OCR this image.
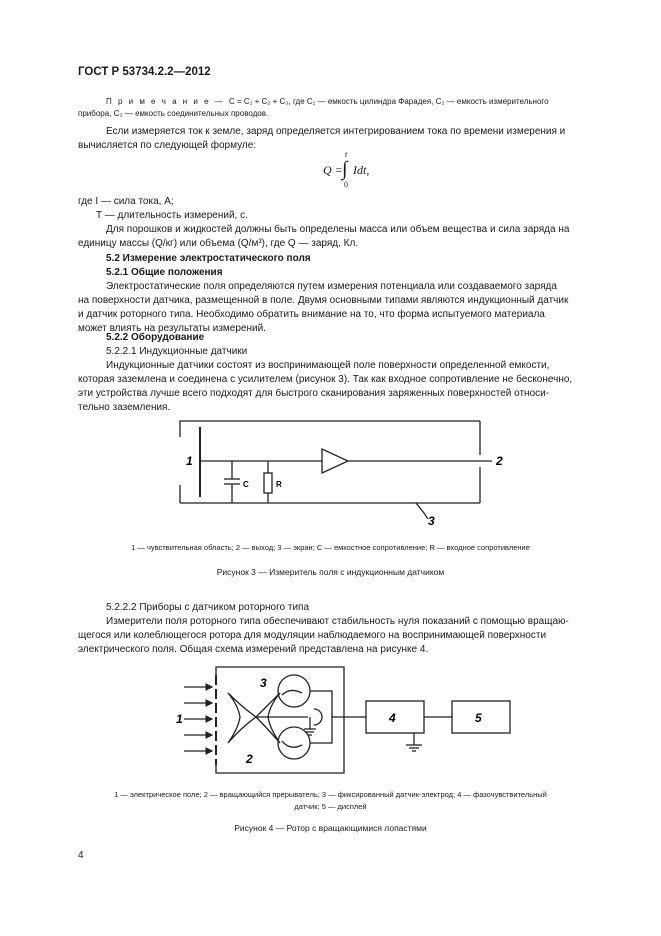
ГОСТ Р 53734.2.2—2012
П р и м е ч а н и е — C = C₁ + C₂ + C₃, где C₁ — емкость цилиндра Фарадея, C₂ — емкость измерительного
прибора, C₃ — емкость соединительных проводов.
Если измеряется ток к земле, заряд определяется интегрированием тока по времени измерения и
вычисляется по следующей формуле:
Q = ∫
t
0
Idt,
где I — сила тока, А;
T — длительность измерений, с.
Для порошков и жидкостей должны быть определены масса или объем вещества и сила заряда на
единицу массы (Q/кг) или объема (Q/м³), где Q — заряд, Кл.
5.2 Измерение электростатического поля
5.2.1 Общие положения
Электростатические поля определяются путем измерения потенциала или создаваемого заряда
на поверхности датчика, размещенной в поле. Двумя основными типами являются индукционный датчик
и датчик роторного типа. Необходимо обратить внимание на то, что форма испытуемого материала
может влиять на результаты измерений.
5.2.2 Оборудование
5.2.2.1 Индукционные датчики
Индукционные датчики состоят из воспринимающей поле поверхности определенной емкости,
которая заземлена и соединена с усилителем (рисунок 3). Так как входное сопротивление не бесконечно,
эти устройства лучше всего подходят для быстрого сканирования заряженных поверхностей относи-
тельно заземления.
1	2
3
C	R
1 — чувствительная область; 2 — выход; 3 — экран; C — емкостное сопротивление; R — входное сопротивление
Рисунок 3 — Измеритель поля с индукционным датчиком
5.2.2.2 Приборы с датчиком роторного типа
Измерители поля роторного типа обеспечивают стабильность нуля показаний с помощью вращаю-
щегося или колеблющегося ротора для модуляции наблюдаемого на воспринимающей поверхности
электрического поля. Общая схема измерений представлена на рисунке 4.
1
2
3
4	5
1 — электрическое поле; 2 — вращающийся прерыватель; 3 — фиксированный датчик-электрод; 4 — фазочувствительный
датчик; 5 — дисплей
Рисунок 4 — Ротор с вращающимися лопастями
4
